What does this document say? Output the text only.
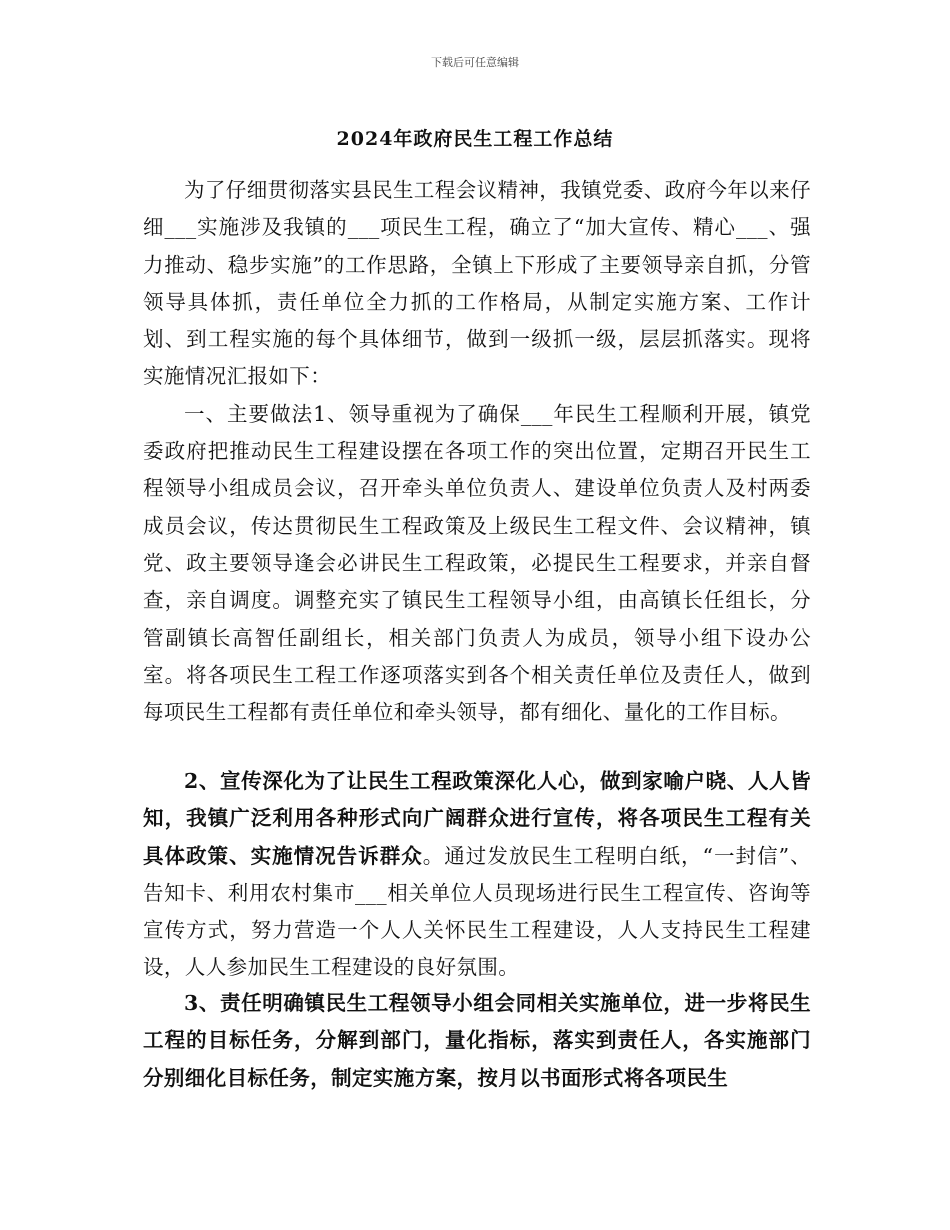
下载后可任意编辑
2024年政府民生工程工作总结

为了仔细贯彻落实县民生工程会议精神，我镇党委、政府今年以来仔细___实施涉及我镇的___项民生工程，确立了“加大宣传、精心___、强力推动、稳步实施”的工作思路，全镇上下形成了主要领导亲自抓，分管领导具体抓，责任单位全力抓的工作格局，从制定实施方案、工作计划、到工程实施的每个具体细节，做到一级抓一级，层层抓落实。现将实施情况汇报如下：

一、主要做法1、领导重视为了确保___年民生工程顺利开展，镇党委政府把推动民生工程建设摆在各项工作的突出位置，定期召开民生工程领导小组成员会议，召开牵头单位负责人、建设单位负责人及村两委成员会议，传达贯彻民生工程政策及上级民生工程文件、会议精神，镇党、政主要领导逢会必讲民生工程政策，必提民生工程要求，并亲自督查，亲自调度。调整充实了镇民生工程领导小组，由高镇长任组长，分管副镇长高智任副组长，相关部门负责人为成员，领导小组下设办公室。将各项民生工程工作逐项落实到各个相关责任单位及责任人，做到每项民生工程都有责任单位和牵头领导，都有细化、量化的工作目标。

2、宣传深化为了让民生工程政策深化人心，做到家喻户晓、人人皆知，我镇广泛利用各种形式向广阔群众进行宣传，将各项民生工程有关具体政策、实施情况告诉群众。通过发放民生工程明白纸，“一封信”、告知卡、利用农村集市___相关单位人员现场进行民生工程宣传、咨询等宣传方式，努力营造一个人人关怀民生工程建设，人人支持民生工程建设，人人参加民生工程建设的良好氛围。

3、责任明确镇民生工程领导小组会同相关实施单位，进一步将民生工程的目标任务，分解到部门，量化指标，落实到责任人，各实施部门分别细化目标任务，制定实施方案，按月以书面形式将各项民生
